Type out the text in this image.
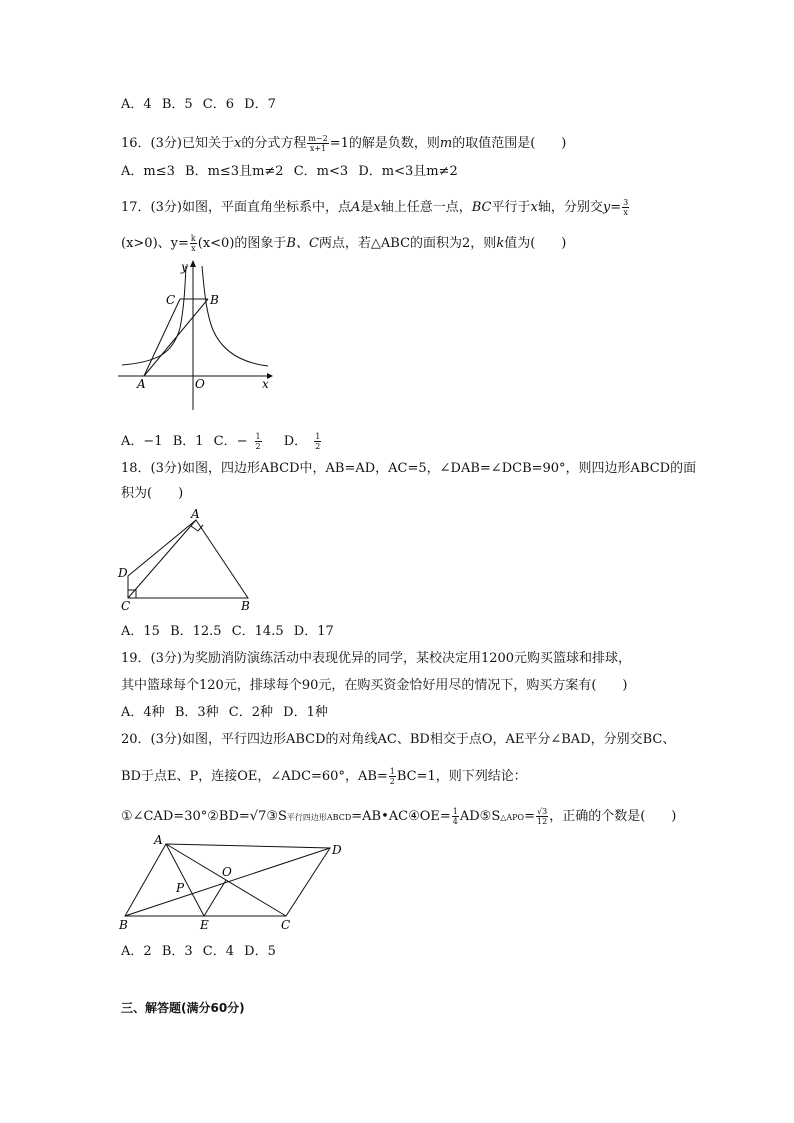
A．4 B．5 C．6 D．7
16．(3分)已知关于x的分式方程 $\frac{m-2}{x+1} =1$的解是负数，则m的取值范围是(　　)
A．m≤3 B．m≤3且m≠2 C．m<3 D．m<3且m≠2
17．(3分)如图，平面直角坐标系中，点A是x轴上任意一点，BC平行于x轴，分别交$y= \frac{3}{x}$
(x>0)、$y= \frac{k}{x} (x<0)$的图象于B、C两点，若△ABC的面积为2，则k值为(　　)
y
C	B
A	O	x
A．−1 B．1 C．− $\frac{1}{2}$ D． $\frac{1}{2}$
18．(3分)如图，四边形ABCD中，AB=AD，AC=5，∠DAB=∠DCB=90°，则四边形ABCD的面
积为(　　)
A
D
C	B
A．15 B．12.5 C．14.5 D．17
19．(3分)为奖励消防演练活动中表现优异的同学，某校决定用1200元购买篮球和排球，
其中篮球每个120元，排球每个90元，在购买资金恰好用尽的情况下，购买方案有(　　)
A．4种 B．3种 C．2种 D．1种
20．(3分)如图，平行四边形ABCD的对角线AC、BD相交于点O，AE平分∠BAD，分别交BC、
BD于点E、P，连接OE，∠ADC=60°，$AB= \frac{1}{2} BC=1$，则下列结论：
①∠CAD=30°②BD=√7③S平行四边形ABCD=AB•AC④OE= $\frac{1}{4}$ AD⑤S△APO= $\frac{√3}{12}$ ，正确的个数是(　　)
A
D
O
P
B	E	C
A．2 B．3 C．4 D．5
三、解答题(满分60分)
